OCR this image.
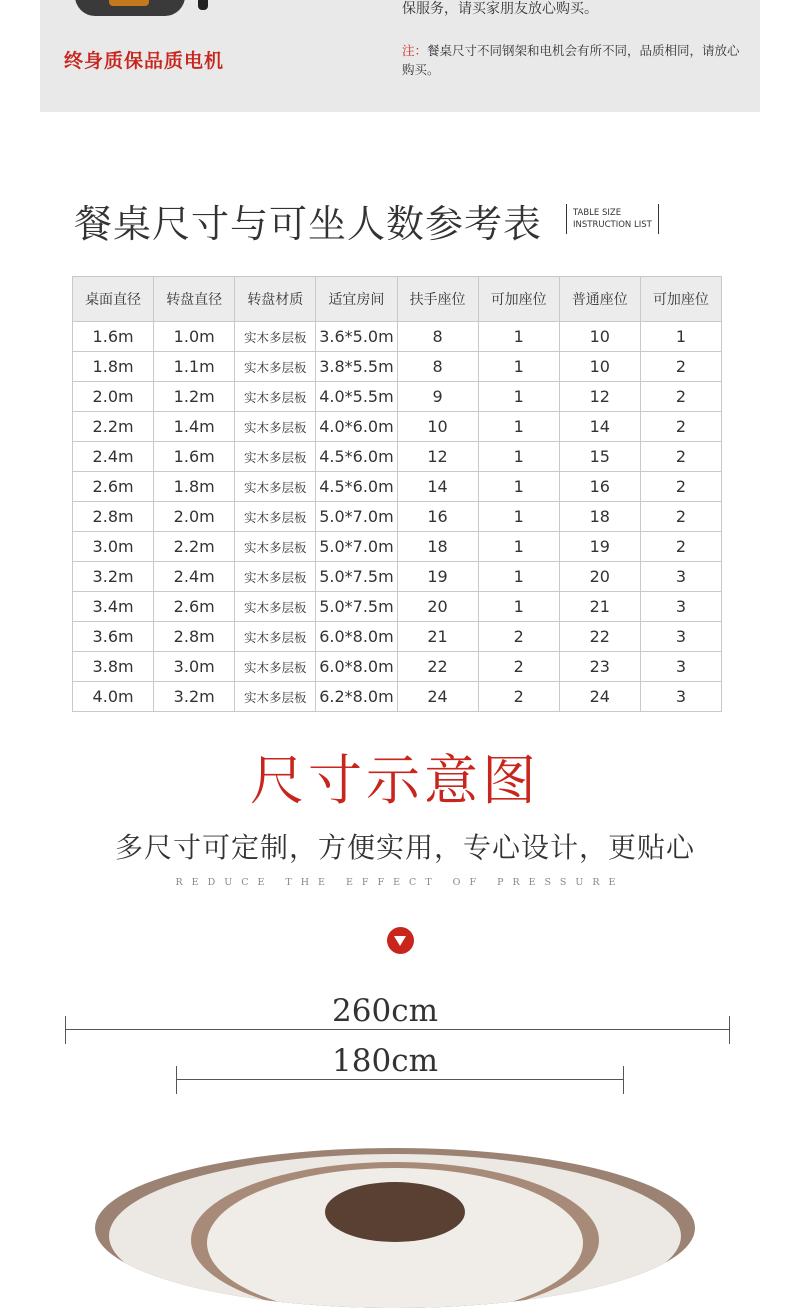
终身质保品质电机
保服务，请买家朋友放心购买。
注：餐桌尺寸不同钢架和电机会有所不同，品质相同，请放心购买。
餐桌尺寸与可坐人数参考表	TABLE SIZE
INSTRUCTION LIST
桌面直径	转盘直径	转盘材质	适宜房间	扶手座位	可加座位	普通座位	可加座位
1.6m	1.0m	实木多层板	3.6*5.0m	8	1	10	1
1.8m	1.1m	实木多层板	3.8*5.5m	8	1	10	2
2.0m	1.2m	实木多层板	4.0*5.5m	9	1	12	2
2.2m	1.4m	实木多层板	4.0*6.0m	10	1	14	2
2.4m	1.6m	实木多层板	4.5*6.0m	12	1	15	2
2.6m	1.8m	实木多层板	4.5*6.0m	14	1	16	2
2.8m	2.0m	实木多层板	5.0*7.0m	16	1	18	2
3.0m	2.2m	实木多层板	5.0*7.0m	18	1	19	2
3.2m	2.4m	实木多层板	5.0*7.5m	19	1	20	3
3.4m	2.6m	实木多层板	5.0*7.5m	20	1	21	3
3.6m	2.8m	实木多层板	6.0*8.0m	21	2	22	3
3.8m	3.0m	实木多层板	6.0*8.0m	22	2	23	3
4.0m	3.2m	实木多层板	6.2*8.0m	24	2	24	3
尺寸示意图
多尺寸可定制，方便实用，专心设计，更贴心
REDUCE THE EFFECT OF PRESSURE
260cm
180cm
